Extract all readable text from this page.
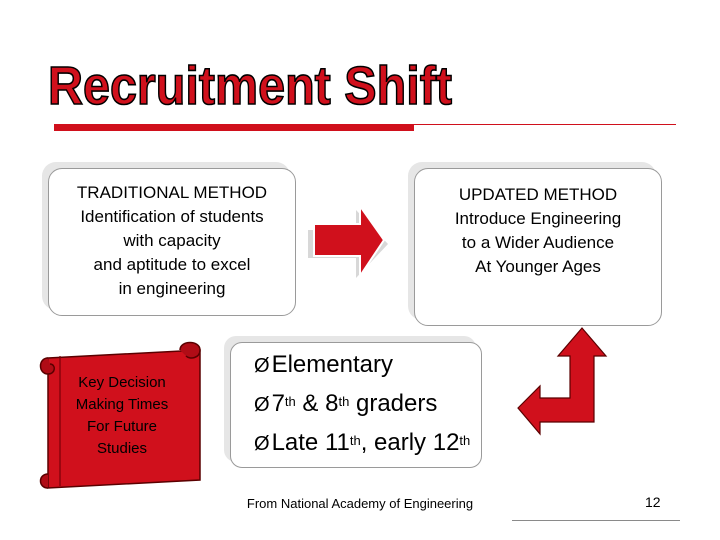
Recruitment Shift
TRADITIONAL METHOD
Identification of students
with capacity
and aptitude to excel
in engineering
UPDATED METHOD
Introduce Engineering
to a Wider Audience
At Younger Ages
Key Decision
Making Times
For Future
Studies
ØElementary
Ø7th & 8th graders
ØLate 11th, early 12th
From National Academy of Engineering	12
